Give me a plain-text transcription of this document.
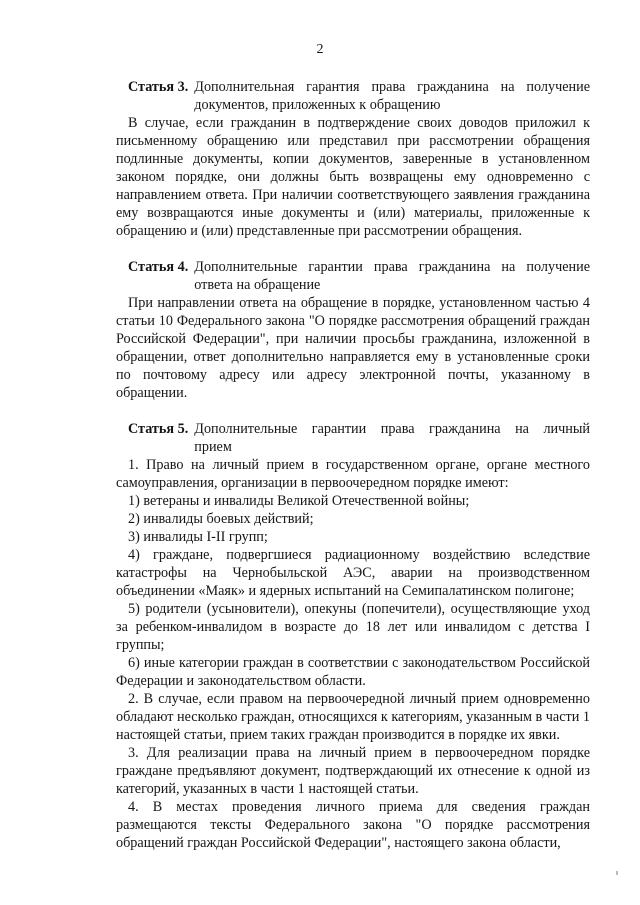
2
Статья 3. Дополнительная гарантия права гражданина на получение
документов, приложенных к обращению

В случае, если гражданин в подтверждение своих доводов приложил к письменному обращению или представил при рассмотрении обращения подлинные документы, копии документов, заверенные в установленном законом порядке, они должны быть возвращены ему одновременно с направлением ответа. При наличии соответствующего заявления гражданина ему возвращаются иные документы и (или) материалы, приложенные к обращению и (или) представленные при рассмотрении обращения.

Статья 4. Дополнительные гарантии права гражданина на получение
ответа на обращение

При направлении ответа на обращение в порядке, установленном частью 4 статьи 10 Федерального закона "О порядке рассмотрения обращений граждан Российской Федерации", при наличии просьбы гражданина, изложенной в обращении, ответ дополнительно направляется ему в установленные сроки по почтовому адресу или адресу электронной почты, указанному в обращении.

Статья 5. Дополнительные гарантии права гражданина на личный
прием

1. Право на личный прием в государственном органе, органе местного самоуправления, организации в первоочередном порядке имеют:

1) ветераны и инвалиды Великой Отечественной войны;

2) инвалиды боевых действий;

3) инвалиды I-II групп;

4) граждане, подвергшиеся радиационному воздействию вследствие катастрофы на Чернобыльской АЭС, аварии на производственном объединении «Маяк» и ядерных испытаний на Семипалатинском полигоне;

5) родители (усыновители), опекуны (попечители), осуществляющие уход за ребенком-инвалидом в возрасте до 18 лет или инвалидом с детства I группы;

6) иные категории граждан в соответствии с законодательством Российской Федерации и законодательством области.

2. В случае, если правом на первоочередной личный прием одновременно обладают несколько граждан, относящихся к категориям, указанным в части 1 настоящей статьи, прием таких граждан производится в порядке их явки.

3. Для реализации права на личный прием в первоочередном порядке граждане предъявляют документ, подтверждающий их отнесение к одной из категорий, указанных в части 1 настоящей статьи.

4. В местах проведения личного приема для сведения граждан размещаются тексты Федерального закона "О порядке рассмотрения обращений граждан Российской Федерации", настоящего закона области,
